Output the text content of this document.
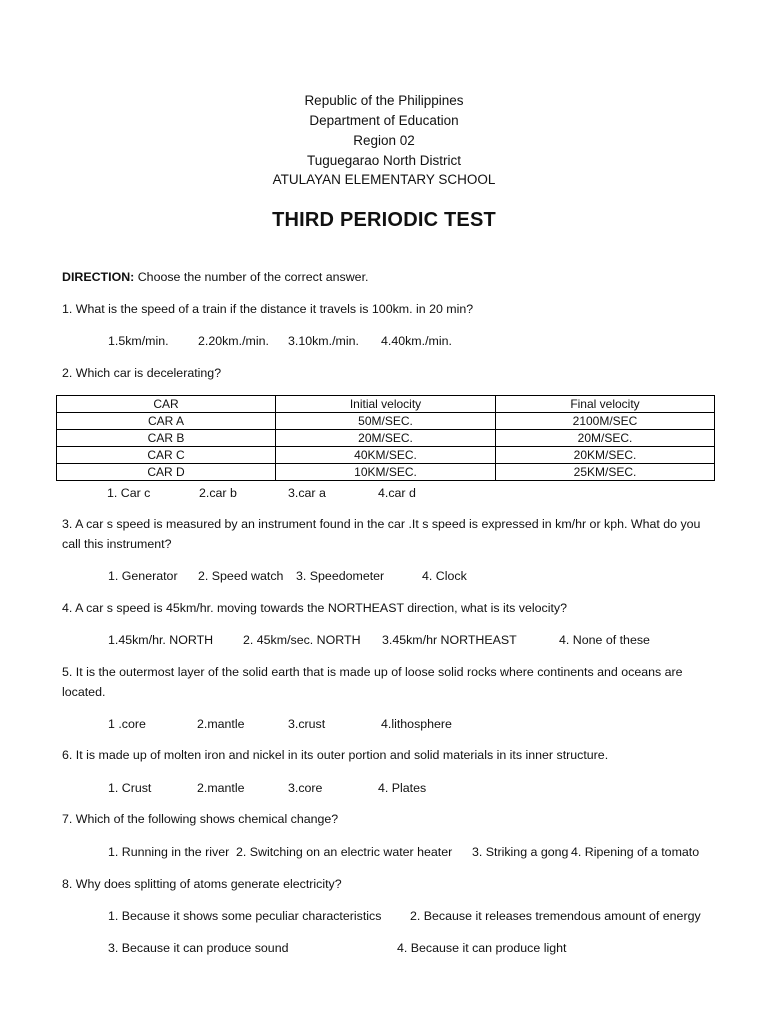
Republic of the Philippines
Department of Education
Region 02
Tuguegarao North District
ATULAYAN ELEMENTARY SCHOOL
THIRD PERIODIC TEST
DIRECTION: Choose the number of the correct answer.
1. What is the speed of a train if the distance it travels is 100km. in 20 min?
1.5km/min. 2.20km./min. 3.10km./min. 4.40km./min.
2. Which car is decelerating?
CAR	Initial velocity	Final velocity
CAR A	50M/SEC.	2100M/SEC
CAR B	20M/SEC.	20M/SEC.
CAR C	40KM/SEC.	20KM/SEC.
CAR D	10KM/SEC.	25KM/SEC.
1. Car c	2.car b	3.car a	4.car d
3. A car s speed is measured by an instrument found in the car .It s speed is expressed in km/hr or kph. What do you call this instrument?
1. Generator 2. Speed watch 3. Speedometer	4. Clock
4. A car s speed is 45km/hr. moving towards the NORTHEAST direction, what is its velocity?
1.45km/hr. NORTH 2. 45km/sec. NORTH 3.45km/hr NORTHEAST	4. None of these
5. It is the outermost layer of the solid earth that is made up of loose solid rocks where continents and oceans are located.
1 .core	2.mantle	3.crust	4.lithosphere
6. It is made up of molten iron and nickel in its outer portion and solid materials in its inner structure.
1. Crust	2.mantle	3.core	4. Plates
7. Which of the following shows chemical change?
1. Running in the river 2. Switching on an electric water heater 3. Striking a gong 4. Ripening of a tomato
8. Why does splitting of atoms generate electricity?
1. Because it shows some peculiar characteristics 2. Because it releases tremendous amount of energy
3. Because it can produce sound	4. Because it can produce light
